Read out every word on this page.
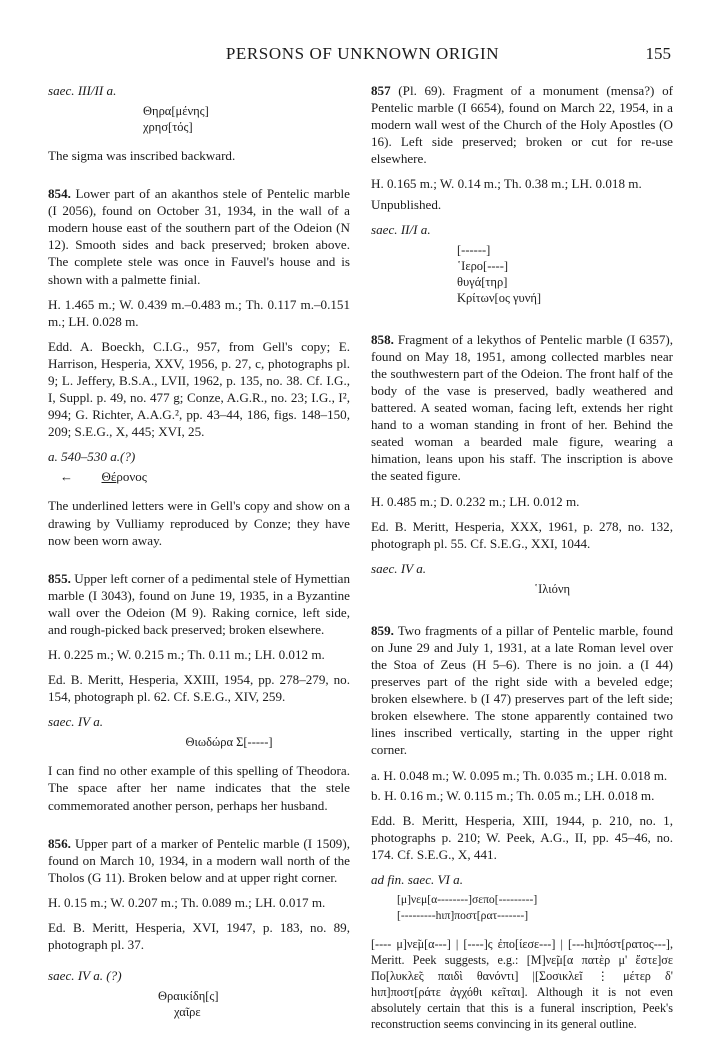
PERSONS OF UNKNOWN ORIGIN	155
saec. III/II a.
Θηρα[μένης]
χρησ[τός]

The sigma was inscribed backward.

854. Lower part of an akanthos stele of Pentelic marble (I 2056), found on October 31, 1934, in the wall of a modern house east of the southern part of the Odeion (N 12). Smooth sides and back preserved; broken above. The complete stele was once in Fauvel's house and is shown with a palmette finial.

H. 1.465 m.; W. 0.439 m.–0.483 m.; Th. 0.117 m.–0.151 m.; LH. 0.028 m.

Edd. A. Boeckh, C.I.G., 957, from Gell's copy; E. Harrison, Hesperia, XXV, 1956, p. 27, c, photographs pl. 9; L. Jeffery, B.S.A., LVII, 1962, p. 135, no. 38. Cf. I.G., I, Suppl. p. 49, no. 477 g; Conze, A.G.R., no. 23; I.G., I², 994; G. Richter, A.A.G.², pp. 43–44, 186, figs. 148–150, 209; S.E.G., X, 445; XVI, 25.

a. 540–530 a.(?)
← Θέρονος

The underlined letters were in Gell's copy and show on a drawing by Vulliamy reproduced by Conze; they have now been worn away.

855. Upper left corner of a pedimental stele of Hymettian marble (I 3043), found on June 19, 1935, in a Byzantine wall over the Odeion (M 9). Raking cornice, left side, and rough-picked back preserved; broken elsewhere.

H. 0.225 m.; W. 0.215 m.; Th. 0.11 m.; LH. 0.012 m.

Ed. B. Meritt, Hesperia, XXIII, 1954, pp. 278–279, no. 154, photograph pl. 62. Cf. S.E.G., XIV, 259.

saec. IV a.
Θιωδώρα Σ[-----]

I can find no other example of this spelling of Theodora. The space after her name indicates that the stele commemorated another person, perhaps her husband.

856. Upper part of a marker of Pentelic marble (I 1509), found on March 10, 1934, in a modern wall north of the Tholos (G 11). Broken below and at upper right corner.

H. 0.15 m.; W. 0.207 m.; Th. 0.089 m.; LH. 0.017 m.

Ed. B. Meritt, Hesperia, XVI, 1947, p. 183, no. 89, photograph pl. 37.

saec. IV a. (?)
Θραικίδη[ς]
χαῖρε

857 (Pl. 69). Fragment of a monument (mensa?) of Pentelic marble (I 6654), found on March 22, 1954, in a modern wall west of the Church of the Holy Apostles (O 16). Left side preserved; broken or cut for re-use elsewhere.

H. 0.165 m.; W. 0.14 m.; Th. 0.38 m.; LH. 0.018 m.

Unpublished.

saec. II/I a.
[------]
῾Ιερο[----]
θυγά[τηρ]
Κρίτων[ος γυνή]

858. Fragment of a lekythos of Pentelic marble (I 6357), found on May 18, 1951, among collected marbles near the southwestern part of the Odeion. The front half of the body of the vase is preserved, badly weathered and battered. A seated woman, facing left, extends her right hand to a woman standing in front of her. Behind the seated woman a bearded male figure, wearing a himation, leans upon his staff. The inscription is above the seated figure.

H. 0.485 m.; D. 0.232 m.; LH. 0.012 m.

Ed. B. Meritt, Hesperia, XXX, 1961, p. 278, no. 132, photograph pl. 55. Cf. S.E.G., XXI, 1044.

saec. IV a.
῾Ιλιόνη

859. Two fragments of a pillar of Pentelic marble, found on June 29 and July 1, 1931, at a late Roman level over the Stoa of Zeus (H 5–6). There is no join. a (I 44) preserves part of the right side with a beveled edge; broken elsewhere. b (I 47) preserves part of the left side; broken elsewhere. The stone apparently contained two lines inscribed vertically, starting in the upper right corner.

a. H. 0.048 m.; W. 0.095 m.; Th. 0.035 m.; LH. 0.018 m.

b. H. 0.16 m.; W. 0.115 m.; Th. 0.05 m.; LH. 0.018 m.

Edd. B. Meritt, Hesperia, XIII, 1944, p. 210, no. 1, photographs p. 210; W. Peek, A.G., II, pp. 45–46, no. 174. Cf. S.E.G., X, 441.

ad fin. saec. VI a.
[μ]νεμ[α--------]σεπο[---------]
[---------hιπ]ποστ[ρατ-------]

[---- μ]νε̃μ[α---] | [----]ς ἐπο[ίεσε---] | [---hι]πόστ[ρατος---], Meritt. Peek suggests, e.g.: [Μ]νε̃μ[α πατὲρ μ' ἔστε]σε Πο[λυκλε̃ς παιδὶ θανόντι] |[Σοσικλεĩ ⋮ μέτερ δ' hιπ]ποστ[ράτε ἀγχόθι κεĩται]. Although it is not even absolutely certain that this is a funeral inscription, Peek's reconstruction seems convincing in its general outline.
